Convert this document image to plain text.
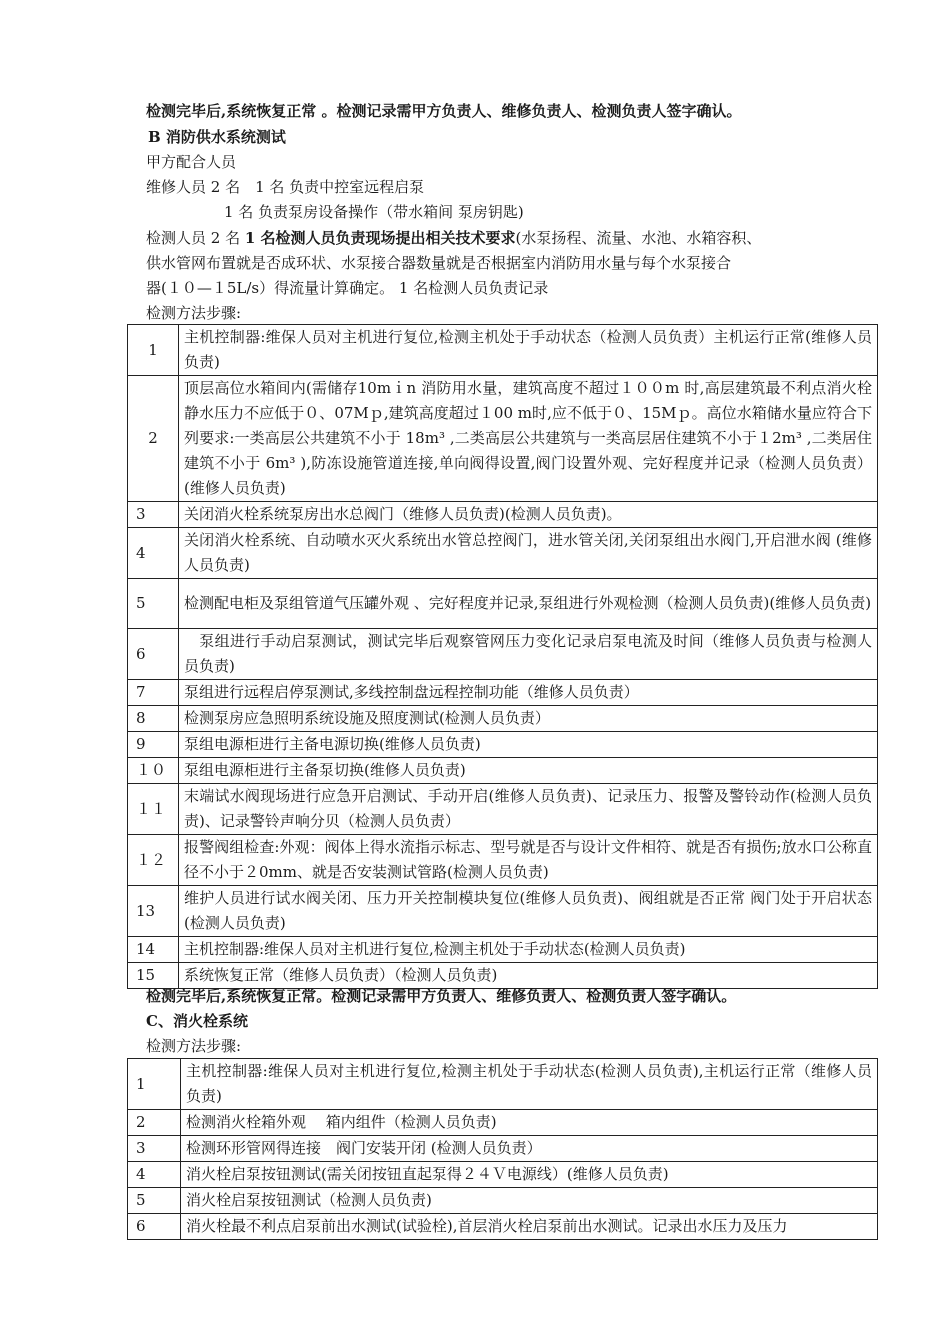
检测完毕后,系统恢复正常 。检测记录需甲方负责人、维修负责人、检测负责人签字确认。
B 消防供水系统测试
甲方配合人员
维修人员 2 名　1 名 负责中控室远程启泵
1 名 负责泵房设备操作（带水箱间 泵房钥匙)
检测人员 2 名 1 名检测人员负责现场提出相关技术要求(水泵扬程、流量、水池、水箱容积、
供水管网布置就是否成环状、水泵接合器数量就是否根据室内消防用水量与每个水泵接合
器(１０—１5L/s）得流量计算确定。 1 名检测人员负责记录
检测方法步骤:
1	主机控制器:维保人员对主机进行复位,检测主机处于手动状态（检测人员负责）主机运行正常(维修人员负责)
2	顶层高位水箱间内(需储存10mｉn 消防用水量，建筑高度不超过１００m 时,高层建筑最不利点消火栓静水压力不应低于０、07Mｐ,建筑高度超过１00 m时,应不低于０、15Mｐ。高位水箱储水量应符合下列要求:一类高层公共建筑不小于 18m³ ,二类高层公共建筑与一类高层居住建筑不小于１2m³ ,二类居住建筑不小于 6m³ ),防冻设施管道连接,单向阀得设置,阀门设置外观、完好程度并记录（检测人员负责）(维修人员负责)
3	关闭消火栓系统泵房出水总阀门（维修人员负责)(检测人员负责)。
4	关闭消火栓系统、自动喷水灭火系统出水管总控阀门，进水管关闭,关闭泵组出水阀门,开启泄水阀 (维修人员负责)
5	检测配电柜及泵组管道气压罐外观 、完好程度并记录,泵组进行外观检测（检测人员负责)(维修人员负责)
6	　泵组进行手动启泵测试，测试完毕后观察管网压力变化记录启泵电流及时间（维修人员负责与检测人员负责)
7	泵组进行远程启停泵测试,多线控制盘远程控制功能（维修人员负责）
8	检测泵房应急照明系统设施及照度测试(检测人员负责）
9	泵组电源柜进行主备电源切换(维修人员负责)
１０	泵组电源柜进行主备泵切换(维修人员负责)
１１	末端试水阀现场进行应急开启测试、手动开启(维修人员负责)、记录压力、报警及警铃动作(检测人员负责)、记录警铃声响分贝（检测人员负责）
１２	报警阀组检查:外观：阀体上得水流指示标志、型号就是否与设计文件相符、就是否有损伤;放水口公称直径不小于２0mm、就是否安装测试管路(检测人员负责)
13	维护人员进行试水阀关闭、压力开关控制模块复位(维修人员负责)、阀组就是否正常 阀门处于开启状态(检测人员负责)
14	主机控制器:维保人员对主机进行复位,检测主机处于手动状态(检测人员负责)
15	系统恢复正常（维修人员负责）（检测人员负责)
检测完毕后,系统恢复正常。检测记录需甲方负责人、维修负责人、检测负责人签字确认。
C、消火栓系统
检测方法步骤:
1	主机控制器:维保人员对主机进行复位,检测主机处于手动状态(检测人员负责),主机运行正常（维修人员负责)
2	检测消火栓箱外观　 箱内组件（检测人员负责)
3	检测环形管网得连接　阀门安装开闭 (检测人员负责）
4	消火栓启泵按钮测试(需关闭按钮直起泵得２４Ｖ电源线）(维修人员负责)
5	消火栓启泵按钮测试（检测人员负责)
6	消火栓最不利点启泵前出水测试(试验栓),首层消火栓启泵前出水测试。记录出水压力及压力
